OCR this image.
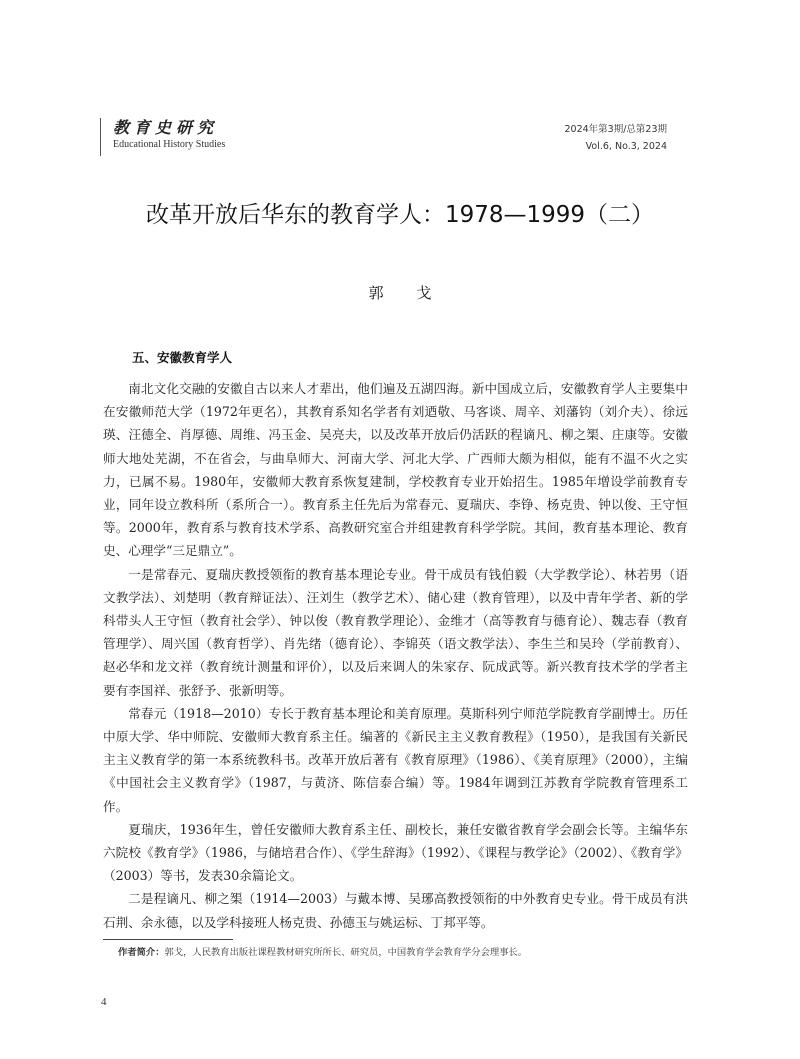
教育史研究
Educational History Studies
2024年第3期/总第23期
Vol.6, No.3, 2024
改革开放后华东的教育学人：1978—1999（二）
郭 戈
五、安徽教育学人

南北文化交融的安徽自古以来人才辈出，他们遍及五湖四海。新中国成立后，安徽教育学人主要集中在安徽师范大学（1972年更名），其教育系知名学者有刘迺敬、马客谈、周辛、刘藩钧（刘介夫）、徐远瑛、汪德全、肖厚德、周维、冯玉金、吴亮夫，以及改革开放后仍活跃的程谪凡、柳之榘、庄康等。安徽师大地处芜湖，不在省会，与曲阜师大、河南大学、河北大学、广西师大颇为相似，能有不温不火之实力，已属不易。1980年，安徽师大教育系恢复建制，学校教育专业开始招生。1985年增设学前教育专业，同年设立教科所（系所合一）。教育系主任先后为常春元、夏瑞庆、李铮、杨克贵、钟以俊、王守恒等。2000年，教育系与教育技术学系、高教研究室合并组建教育科学学院。其间，教育基本理论、教育史、心理学“三足鼎立”。

一是常春元、夏瑞庆教授领衔的教育基本理论专业。骨干成员有钱伯毅（大学教学论）、林若男（语文教学法）、刘楚明（教育辩证法）、汪刘生（教学艺术）、储心建（教育管理），以及中青年学者、新的学科带头人王守恒（教育社会学）、钟以俊（教育教学理论）、金维才（高等教育与德育论）、魏志春（教育管理学）、周兴国（教育哲学）、肖先绪（德育论）、李锦英（语文教学法）、李生兰和吴玲（学前教育）、赵必华和龙文祥（教育统计测量和评价），以及后来调人的朱家存、阮成武等。新兴教育技术学的学者主要有李国祥、张舒予、张新明等。

常春元（1918—2010）专长于教育基本理论和美育原理。莫斯科列宁师范学院教育学副博士。历任中原大学、华中师院、安徽师大教育系主任。编著的《新民主主义教育教程》（1950），是我国有关新民主主义教育学的第一本系统教科书。改革开放后著有《教育原理》（1986）、《美育原理》（2000），主编《中国社会主义教育学》（1987，与黄济、陈信泰合编）等。1984年调到江苏教育学院教育管理系工作。

夏瑞庆，1936年生，曾任安徽师大教育系主任、副校长，兼任安徽省教育学会副会长等。主编华东六院校《教育学》（1986，与储培君合作）、《学生辞海》（1992）、《课程与教学论》（2002）、《教育学》（2003）等书，发表30余篇论文。

二是程谪凡、柳之榘（1914—2003）与戴本博、吴琊高教授领衔的中外教育史专业。骨干成员有洪石荆、余永德，以及学科接班人杨克贵、孙德玉与姚运标、丁邦平等。

作者简介：郭戈，人民教育出版社课程教材研究所所长、研究员，中国教育学会教育学分会理事长。
4
